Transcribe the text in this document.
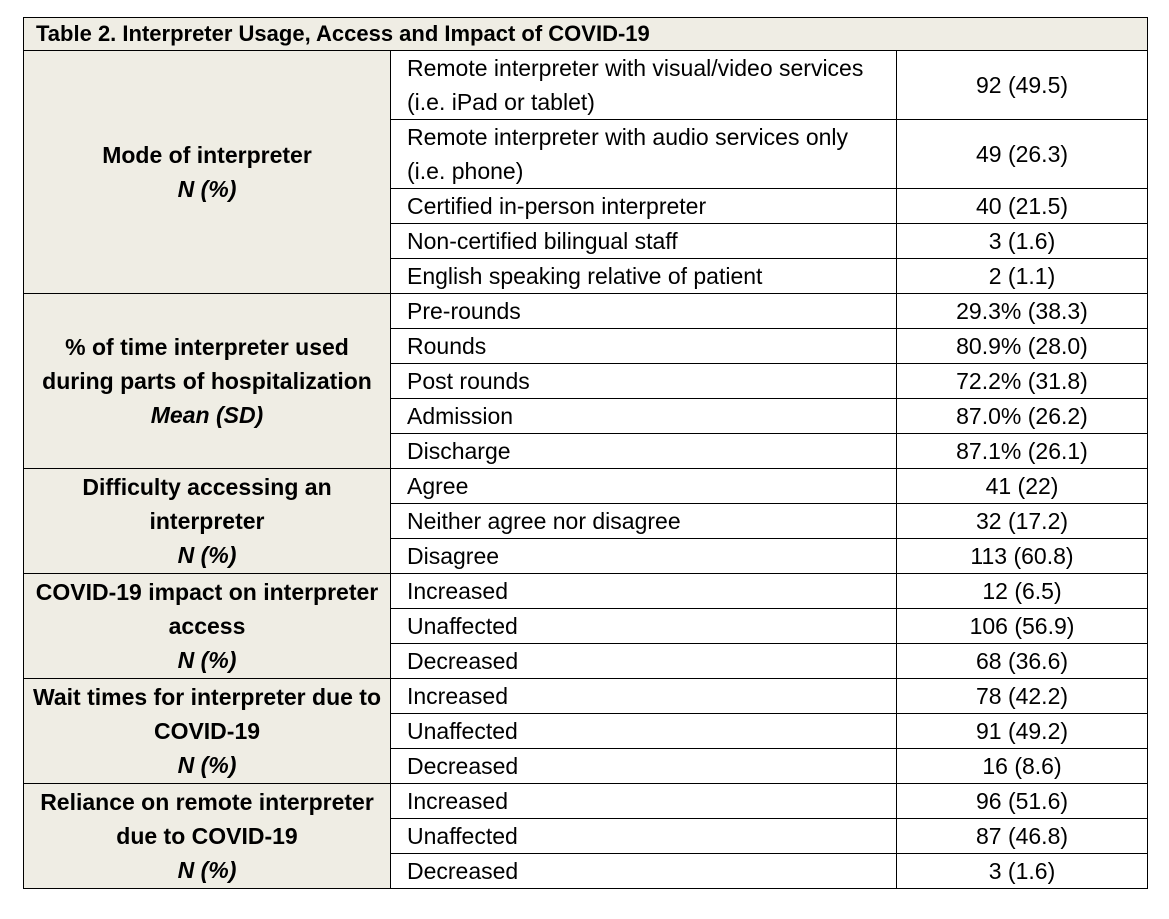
Table 2. Interpreter Usage, Access and Impact of COVID-19		
Mode of interpreter
N (%)	Remote interpreter with visual/video services (i.e. iPad or tablet)	92 (49.5)
	Remote interpreter with audio services only (i.e. phone)	49 (26.3)
	Certified in-person interpreter	40 (21.5)
	Non-certified bilingual staff	3 (1.6)
	English speaking relative of patient	2 (1.1)
% of time interpreter used during parts of hospitalization
Mean (SD)	Pre-rounds	29.3% (38.3)
	Rounds	80.9% (28.0)
	Post rounds	72.2% (31.8)
	Admission	87.0% (26.2)
	Discharge	87.1% (26.1)
Difficulty accessing an interpreter
N (%)	Agree	41 (22)
	Neither agree nor disagree	32 (17.2)
	Disagree	113 (60.8)
COVID-19 impact on interpreter access
N (%)	Increased	12 (6.5)
	Unaffected	106 (56.9)
	Decreased	68 (36.6)
Wait times for interpreter due to COVID-19
N (%)	Increased	78 (42.2)
	Unaffected	91 (49.2)
	Decreased	16 (8.6)
Reliance on remote interpreter due to COVID-19
N (%)	Increased	96 (51.6)
	Unaffected	87 (46.8)
	Decreased	3 (1.6)
